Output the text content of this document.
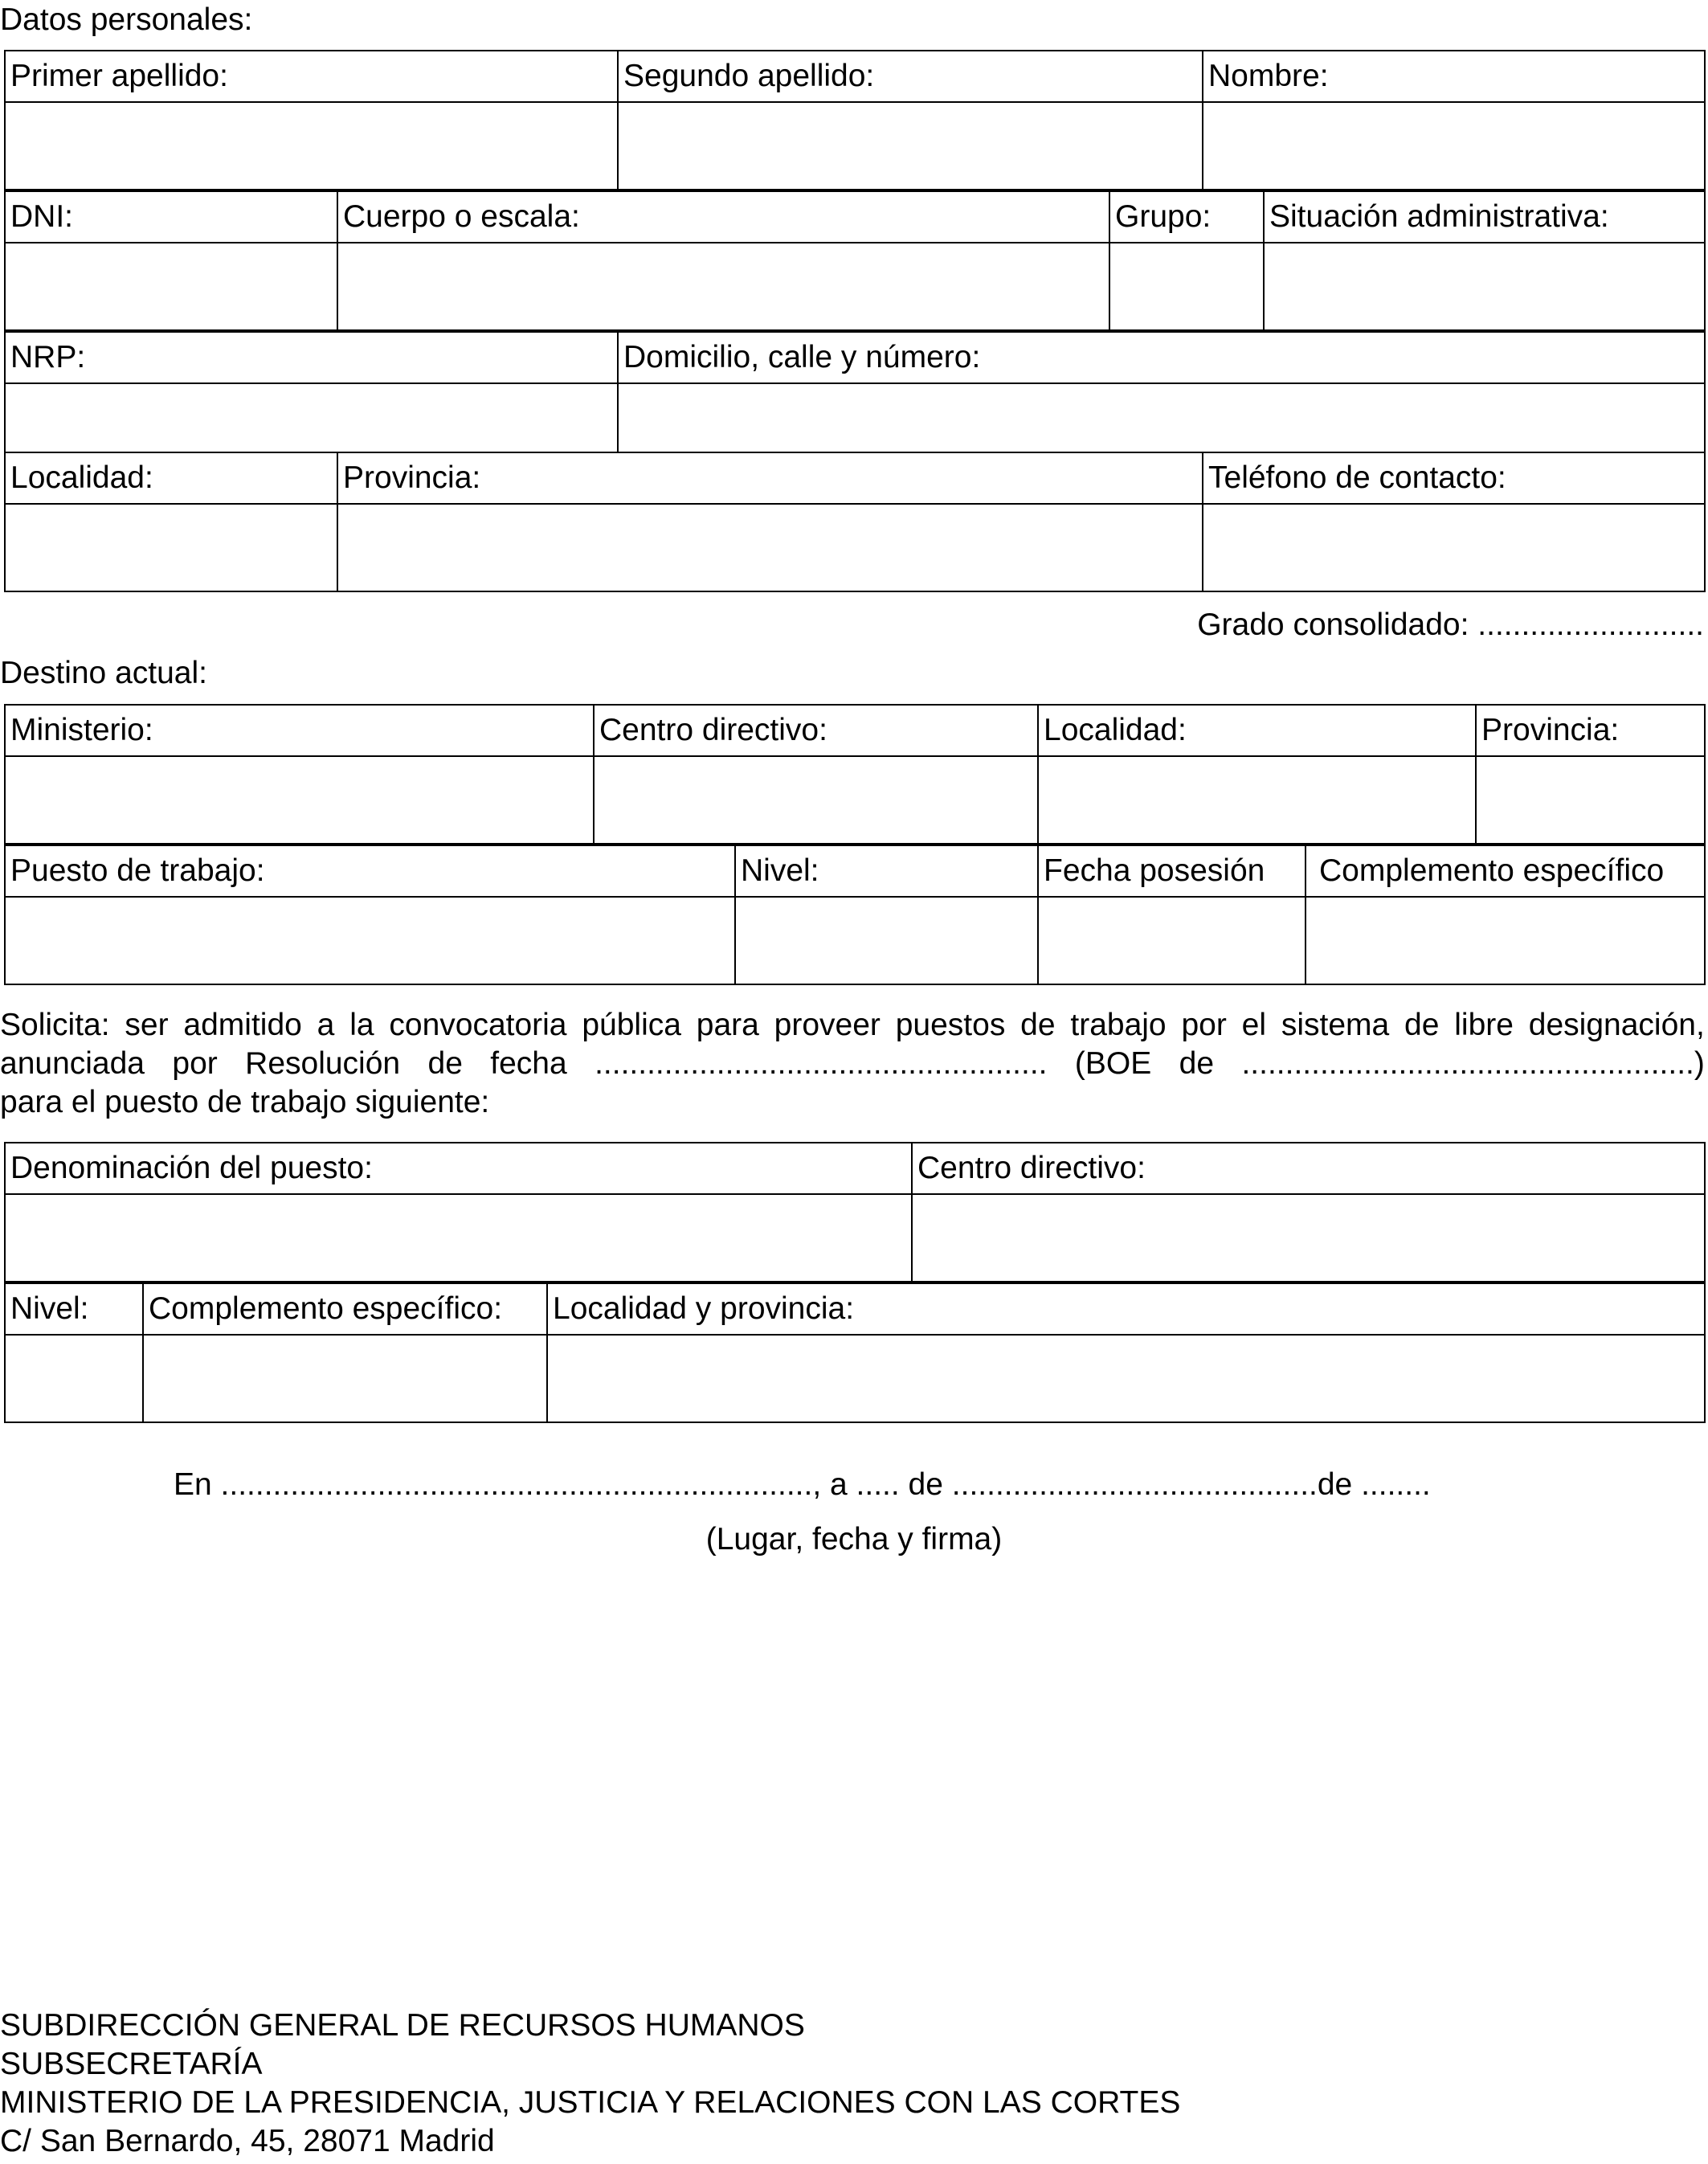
Datos personales:

Primer apellido:	Segundo apellido:	Nombre:

DNI:	Cuerpo o escala:	Grupo:	Situación administrativa:

NRP:	Domicilio, calle y número:

Localidad:	Provincia:	Teléfono de contacto:

Grado consolidado: ..........................

Destino actual:

Ministerio:	Centro directivo:	Localidad:	Provincia:

Puesto de trabajo:	Nivel:	Fecha posesión	Complemento específico

Solicita: ser admitido a la convocatoria pública para proveer puestos de trabajo por el sistema de libre designación,
anunciada por Resolución de fecha .................................................... (BOE de ....................................................)
para el puesto de trabajo siguiente:
Denominación del puesto:	Centro directivo:

Nivel:	Complemento específico:	Localidad y provincia:

En ...................................................................., a ..... de ..........................................de ........

(Lugar, fecha y firma)

SUBDIRECCIÓN GENERAL DE RECURSOS HUMANOS
SUBSECRETARÍA
MINISTERIO DE LA PRESIDENCIA, JUSTICIA Y RELACIONES CON LAS CORTES
C/ San Bernardo, 45, 28071 Madrid
